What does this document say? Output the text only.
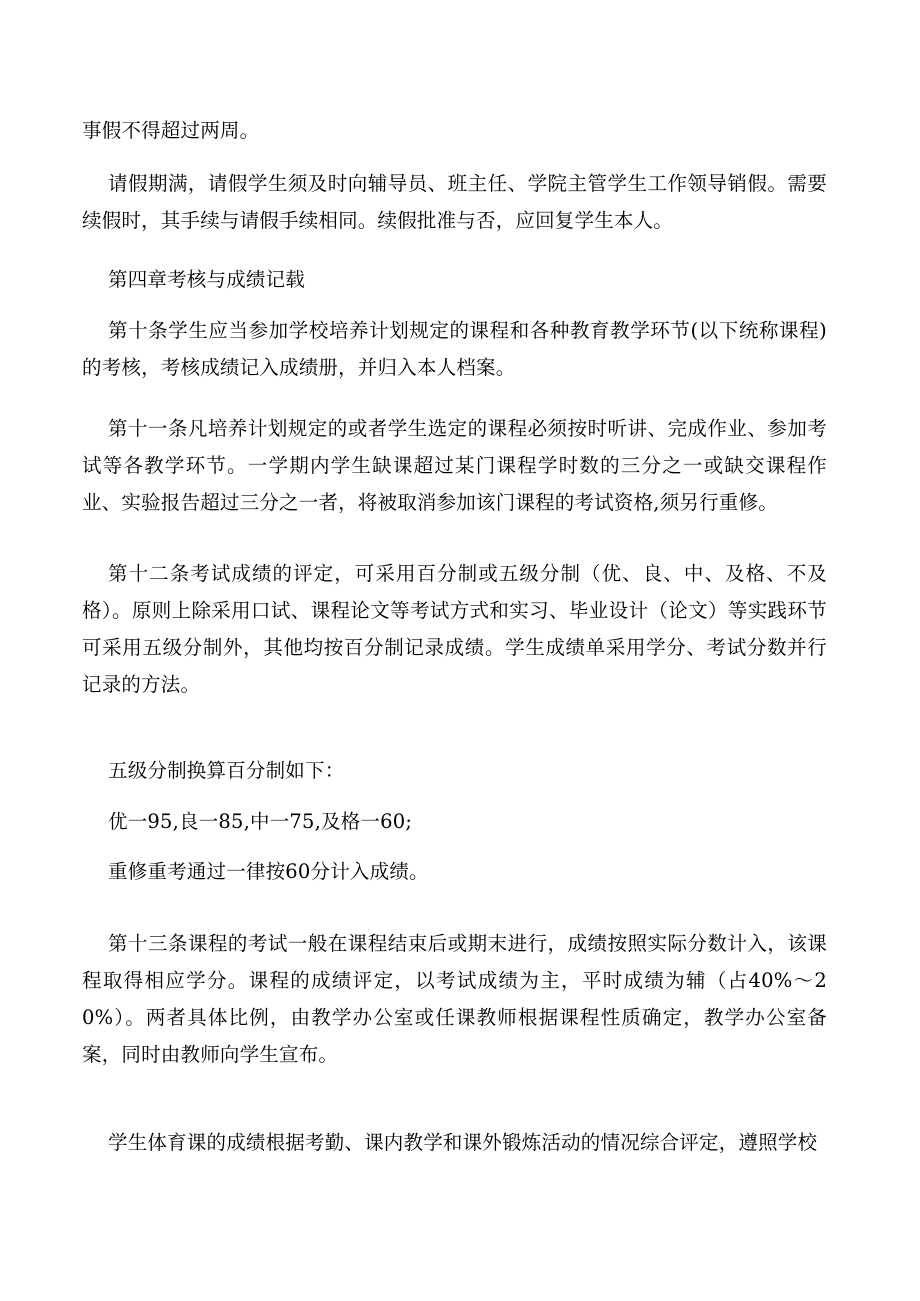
事假不得超过两周。

请假期满，请假学生须及时向辅导员、班主任、学院主管学生工作领导销假。需要续假时，其手续与请假手续相同。续假批准与否，应回复学生本人。

第四章考核与成绩记载

第十条学生应当参加学校培养计划规定的课程和各种教育教学环节(以下统称课程)的考核，考核成绩记入成绩册，并归入本人档案。

第十一条凡培养计划规定的或者学生选定的课程必须按时听讲、完成作业、参加考试等各教学环节。一学期内学生缺课超过某门课程学时数的三分之一或缺交课程作业、实验报告超过三分之一者，将被取消参加该门课程的考试资格,须另行重修。

第十二条考试成绩的评定，可采用百分制或五级分制（优、良、中、及格、不及格）。原则上除采用口试、课程论文等考试方式和实习、毕业设计（论文）等实践环节可采用五级分制外，其他均按百分制记录成绩。学生成绩单采用学分、考试分数并行记录的方法。

五级分制换算百分制如下：

优一95,良一85,中一75,及格一60;

重修重考通过一律按60分计入成绩。

第十三条课程的考试一般在课程结束后或期末进行，成绩按照实际分数计入，该课程取得相应学分。课程的成绩评定，以考试成绩为主，平时成绩为辅（占40%～20%）。两者具体比例，由教学办公室或任课教师根据课程性质确定，教学办公室备案，同时由教师向学生宣布。

学生体育课的成绩根据考勤、课内教学和课外锻炼活动的情况综合评定，遵照学校
